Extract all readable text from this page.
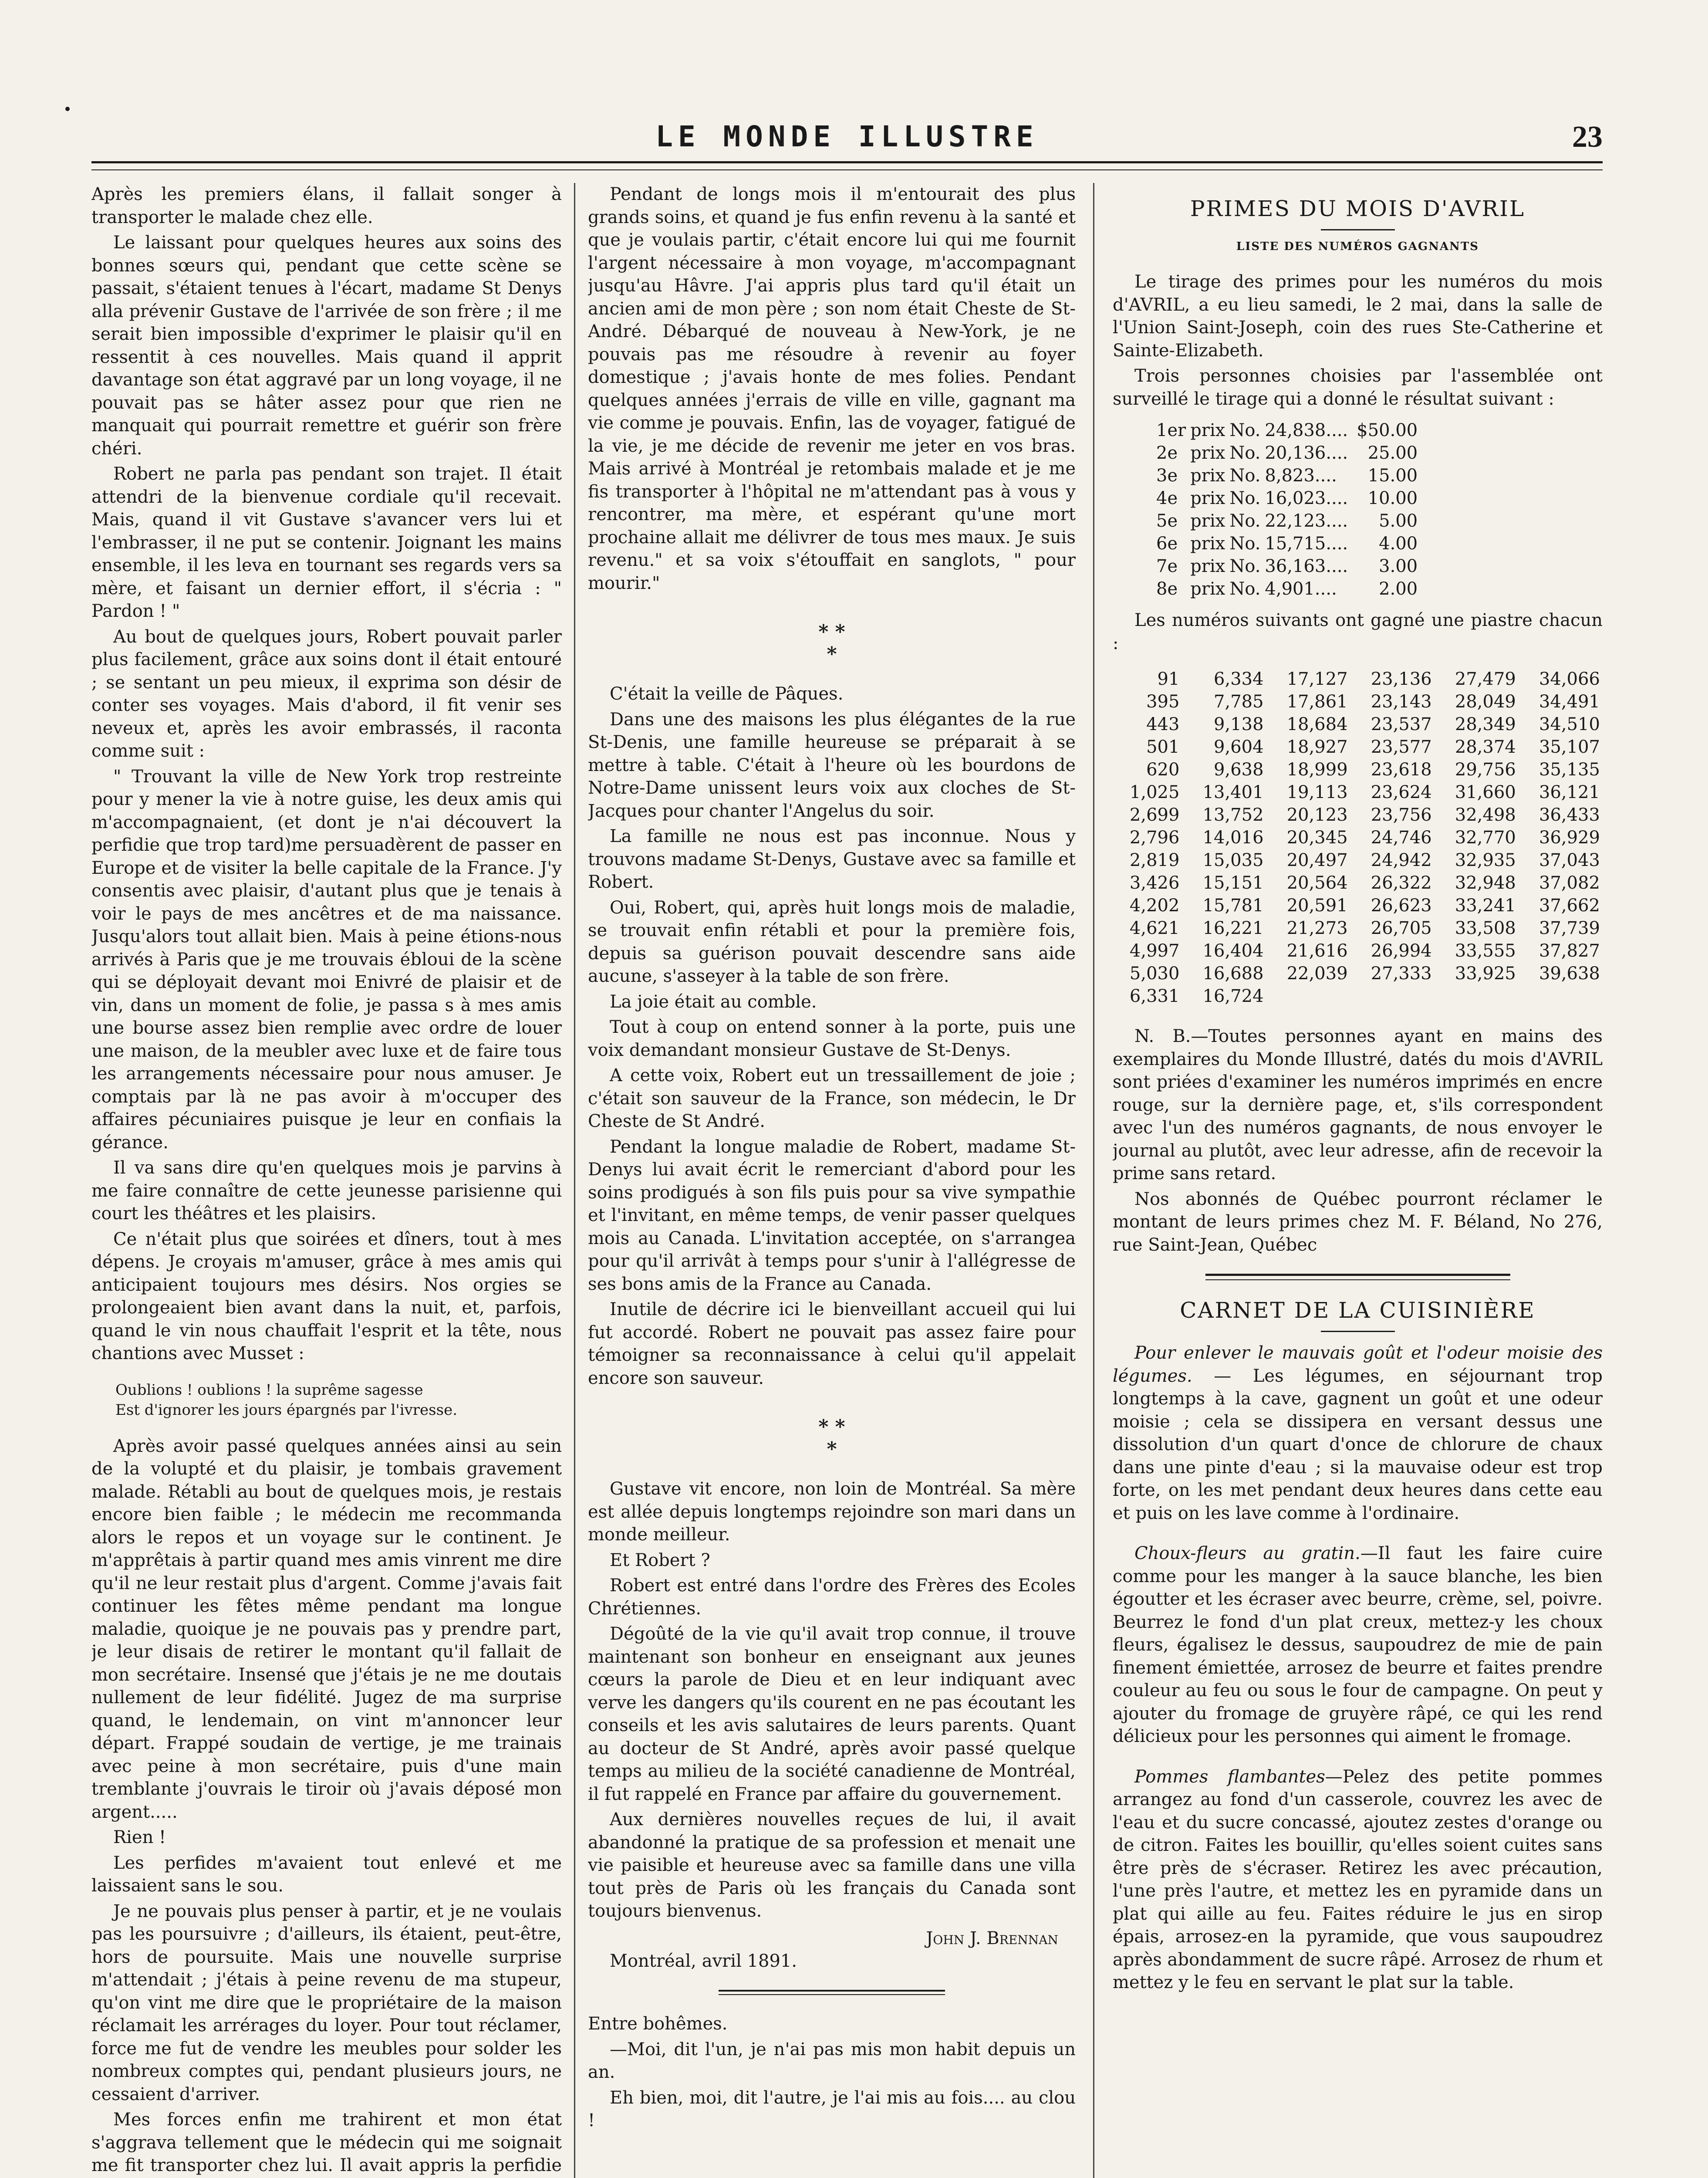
LE MONDE ILLUSTRE	23

Après les premiers élans, il fallait songer à transporter le malade chez elle.

Le laissant pour quelques heures aux soins des bonnes sœurs qui, pendant que cette scène se passait, s'étaient tenues à l'écart, madame St Denys alla prévenir Gustave de l'arrivée de son frère ; il me serait bien impossible d'exprimer le plaisir qu'il en ressentit à ces nouvelles. Mais quand il apprit davantage son état aggravé par un long voyage, il ne pouvait pas se hâter assez pour que rien ne manquait qui pourrait remettre et guérir son frère chéri.

Robert ne parla pas pendant son trajet. Il était attendri de la bienvenue cordiale qu'il recevait. Mais, quand il vit Gustave s'avancer vers lui et l'embrasser, il ne put se contenir. Joignant les mains ensemble, il les leva en tournant ses regards vers sa mère, et faisant un dernier effort, il s'écria : " Pardon ! "

Au bout de quelques jours, Robert pouvait parler plus facilement, grâce aux soins dont il était entouré ; se sentant un peu mieux, il exprima son désir de conter ses voyages. Mais d'abord, il fit venir ses neveux et, après les avoir embrassés, il raconta comme suit :

" Trouvant la ville de New York trop restreinte pour y mener la vie à notre guise, les deux amis qui m'accompagnaient, (et dont je n'ai découvert la perfidie que trop tard)me persuadèrent de passer en Europe et de visiter la belle capitale de la France. J'y consentis avec plaisir, d'autant plus que je tenais à voir le pays de mes ancêtres et de ma naissance. Jusqu'alors tout allait bien. Mais à peine étions-nous arrivés à Paris que je me trouvais ébloui de la scène qui se déployait devant moi Enivré de plaisir et de vin, dans un moment de folie, je passa s à mes amis une bourse assez bien remplie avec ordre de louer une maison, de la meubler avec luxe et de faire tous les arrangements nécessaire pour nous amuser. Je comptais par là ne pas avoir à m'occuper des affaires pécuniaires puisque je leur en confiais la gérance.

Il va sans dire qu'en quelques mois je parvins à me faire connaître de cette jeunesse parisienne qui court les théâtres et les plaisirs.

Ce n'était plus que soirées et dîners, tout à mes dépens. Je croyais m'amuser, grâce à mes amis qui anticipaient toujours mes désirs. Nos orgies se prolongeaient bien avant dans la nuit, et, parfois, quand le vin nous chauffait l'esprit et la tête, nous chantions avec Musset :

Oublions ! oublions ! la suprême sagesse
Est d'ignorer les jours épargnés par l'ivresse.

Après avoir passé quelques années ainsi au sein de la volupté et du plaisir, je tombais gravement malade. Rétabli au bout de quelques mois, je restais encore bien faible ; le médecin me recommanda alors le repos et un voyage sur le continent. Je m'apprêtais à partir quand mes amis vinrent me dire qu'il ne leur restait plus d'argent. Comme j'avais fait continuer les fêtes même pendant ma longue maladie, quoique je ne pouvais pas y prendre part, je leur disais de retirer le montant qu'il fallait de mon secrétaire. Insensé que j'étais je ne me doutais nullement de leur fidélité. Jugez de ma surprise quand, le lendemain, on vint m'annoncer leur départ. Frappé soudain de vertige, je me trainais avec peine à mon secrétaire, puis d'une main tremblante j'ouvrais le tiroir où j'avais déposé mon argent.....

Rien !

Les perfides m'avaient tout enlevé et me laissaient sans le sou.

Je ne pouvais plus penser à partir, et je ne voulais pas les poursuivre ; d'ailleurs, ils étaient, peut-être, hors de poursuite. Mais une nouvelle surprise m'attendait ; j'étais à peine revenu de ma stupeur, qu'on vint me dire que le propriétaire de la maison réclamait les arrérages du loyer. Pour tout réclamer, force me fut de vendre les meubles pour solder les nombreux comptes qui, pendant plusieurs jours, ne cessaient d'arriver.

Mes forces enfin me trahirent et mon état s'aggrava tellement que le médecin qui me soignait me fit transporter chez lui. Il avait appris la perfidie

Pendant de longs mois il m'entourait des plus grands soins, et quand je fus enfin revenu à la santé et que je voulais partir, c'était encore lui qui me fournit l'argent nécessaire à mon voyage, m'accompagnant jusqu'au Hâvre. J'ai appris plus tard qu'il était un ancien ami de mon père ; son nom était Cheste de St-André. Débarqué de nouveau à New-York, je ne pouvais pas me résoudre à revenir au foyer domestique ; j'avais honte de mes folies. Pendant quelques années j'errais de ville en ville, gagnant ma vie comme je pouvais. Enfin, las de voyager, fatigué de la vie, je me décide de revenir me jeter en vos bras. Mais arrivé à Montréal je retombais malade et je me fis transporter à l'hôpital ne m'attendant pas à vous y rencontrer, ma mère, et espérant qu'une mort prochaine allait me délivrer de tous mes maux. Je suis revenu." et sa voix s'étouffait en sanglots, " pour mourir."

* *
*

C'était la veille de Pâques.

Dans une des maisons les plus élégantes de la rue St-Denis, une famille heureuse se préparait à se mettre à table. C'était à l'heure où les bourdons de Notre-Dame unissent leurs voix aux cloches de St-Jacques pour chanter l'Angelus du soir.

La famille ne nous est pas inconnue. Nous y trouvons madame St-Denys, Gustave avec sa famille et Robert.

Oui, Robert, qui, après huit longs mois de maladie, se trouvait enfin rétabli et pour la première fois, depuis sa guérison pouvait descendre sans aide aucune, s'asseyer à la table de son frère.

La joie était au comble.

Tout à coup on entend sonner à la porte, puis une voix demandant monsieur Gustave de St-Denys.

A cette voix, Robert eut un tressaillement de joie ; c'était son sauveur de la France, son médecin, le Dr Cheste de St André.

Pendant la longue maladie de Robert, madame St-Denys lui avait écrit le remerciant d'abord pour les soins prodigués à son fils puis pour sa vive sympathie et l'invitant, en même temps, de venir passer quelques mois au Canada. L'invitation acceptée, on s'arrangea pour qu'il arrivât à temps pour s'unir à l'allégresse de ses bons amis de la France au Canada.

Inutile de décrire ici le bienveillant accueil qui lui fut accordé. Robert ne pouvait pas assez faire pour témoigner sa reconnaissance à celui qu'il appelait encore son sauveur.

* *
*

Gustave vit encore, non loin de Montréal. Sa mère est allée depuis longtemps rejoindre son mari dans un monde meilleur.

Et Robert ?

Robert est entré dans l'ordre des Frères des Ecoles Chrétiennes.

Dégoûté de la vie qu'il avait trop connue, il trouve maintenant son bonheur en enseignant aux jeunes cœurs la parole de Dieu et en leur indiquant avec verve les dangers qu'ils courent en ne pas écoutant les conseils et les avis salutaires de leurs parents. Quant au docteur de St André, après avoir passé quelque temps au milieu de la société canadienne de Montréal, il fut rappelé en France par affaire du gouvernement.

Aux dernières nouvelles reçues de lui, il avait abandonné la pratique de sa profession et menait une vie paisible et heureuse avec sa famille dans une villa tout près de Paris où les français du Canada sont toujours bienvenus.

John J. Brennan

Montréal, avril 1891.

Entre bohêmes.

—Moi, dit l'un, je n'ai pas mis mon habit depuis un an.

Eh bien, moi, dit l'autre, je l'ai mis au fois.... au clou !

PRIMES DU MOIS D'AVRIL
LISTE DES NUMÉROS GAGNANTS

Le tirage des primes pour les numéros du mois d'AVRIL, a eu lieu samedi, le 2 mai, dans la salle de l'Union Saint-Joseph, coin des rues Ste-Catherine et Sainte-Elizabeth.

Trois personnes choisies par l'assemblée ont surveillé le tirage qui a donné le résultat suivant :

1er	prix	No.	24,838....	$50.00
2e	prix	No.	20,136....	25.00
3e	prix	No.	8,823....	15.00
4e	prix	No.	16,023....	10.00
5e	prix	No.	22,123....	5.00
6e	prix	No.	15,715....	4.00
7e	prix	No.	36,163....	3.00
8e	prix	No.	4,901....	2.00

Les numéros suivants ont gagné une piastre chacun :

91	6,334	17,127	23,136	27,479	34,066
395	7,785	17,861	23,143	28,049	34,491
443	9,138	18,684	23,537	28,349	34,510
501	9,604	18,927	23,577	28,374	35,107
620	9,638	18,999	23,618	29,756	35,135
1,025	13,401	19,113	23,624	31,660	36,121
2,699	13,752	20,123	23,756	32,498	36,433
2,796	14,016	20,345	24,746	32,770	36,929
2,819	15,035	20,497	24,942	32,935	37,043
3,426	15,151	20,564	26,322	32,948	37,082
4,202	15,781	20,591	26,623	33,241	37,662
4,621	16,221	21,273	26,705	33,508	37,739
4,997	16,404	21,616	26,994	33,555	37,827
5,030	16,688	22,039	27,333	33,925	39,638
6,331	16,724				

N. B.—Toutes personnes ayant en mains des exemplaires du Monde Illustré, datés du mois d'AVRIL sont priées d'examiner les numéros imprimés en encre rouge, sur la dernière page, et, s'ils correspondent avec l'un des numéros gagnants, de nous envoyer le journal au plutôt, avec leur adresse, afin de recevoir la prime sans retard.

Nos abonnés de Québec pourront réclamer le montant de leurs primes chez M. F. Béland, No 276, rue Saint-Jean, Québec

CARNET DE LA CUISINIÈRE

Pour enlever le mauvais goût et l'odeur moisie des légumes. — Les légumes, en séjournant trop longtemps à la cave, gagnent un goût et une odeur moisie ; cela se dissipera en versant dessus une dissolution d'un quart d'once de chlorure de chaux dans une pinte d'eau ; si la mauvaise odeur est trop forte, on les met pendant deux heures dans cette eau et puis on les lave comme à l'ordinaire.

Choux-fleurs au gratin.—Il faut les faire cuire comme pour les manger à la sauce blanche, les bien égoutter et les écraser avec beurre, crème, sel, poivre. Beurrez le fond d'un plat creux, mettez-y les choux fleurs, égalisez le dessus, saupoudrez de mie de pain finement émiettée, arrosez de beurre et faites prendre couleur au feu ou sous le four de campagne. On peut y ajouter du fromage de gruyère râpé, ce qui les rend délicieux pour les personnes qui aiment le fromage.

Pommes flambantes—Pelez des petite pommes arrangez au fond d'un casserole, couvrez les avec de l'eau et du sucre concassé, ajoutez zestes d'orange ou de citron. Faites les bouillir, qu'elles soient cuites sans être près de s'écraser. Retirez les avec précaution, l'une près l'autre, et mettez les en pyramide dans un plat qui aille au feu. Faites réduire le jus en sirop épais, arrosez-en la pyramide, que vous saupoudrez après abondamment de sucre râpé. Arrosez de rhum et mettez y le feu en servant le plat sur la table.
